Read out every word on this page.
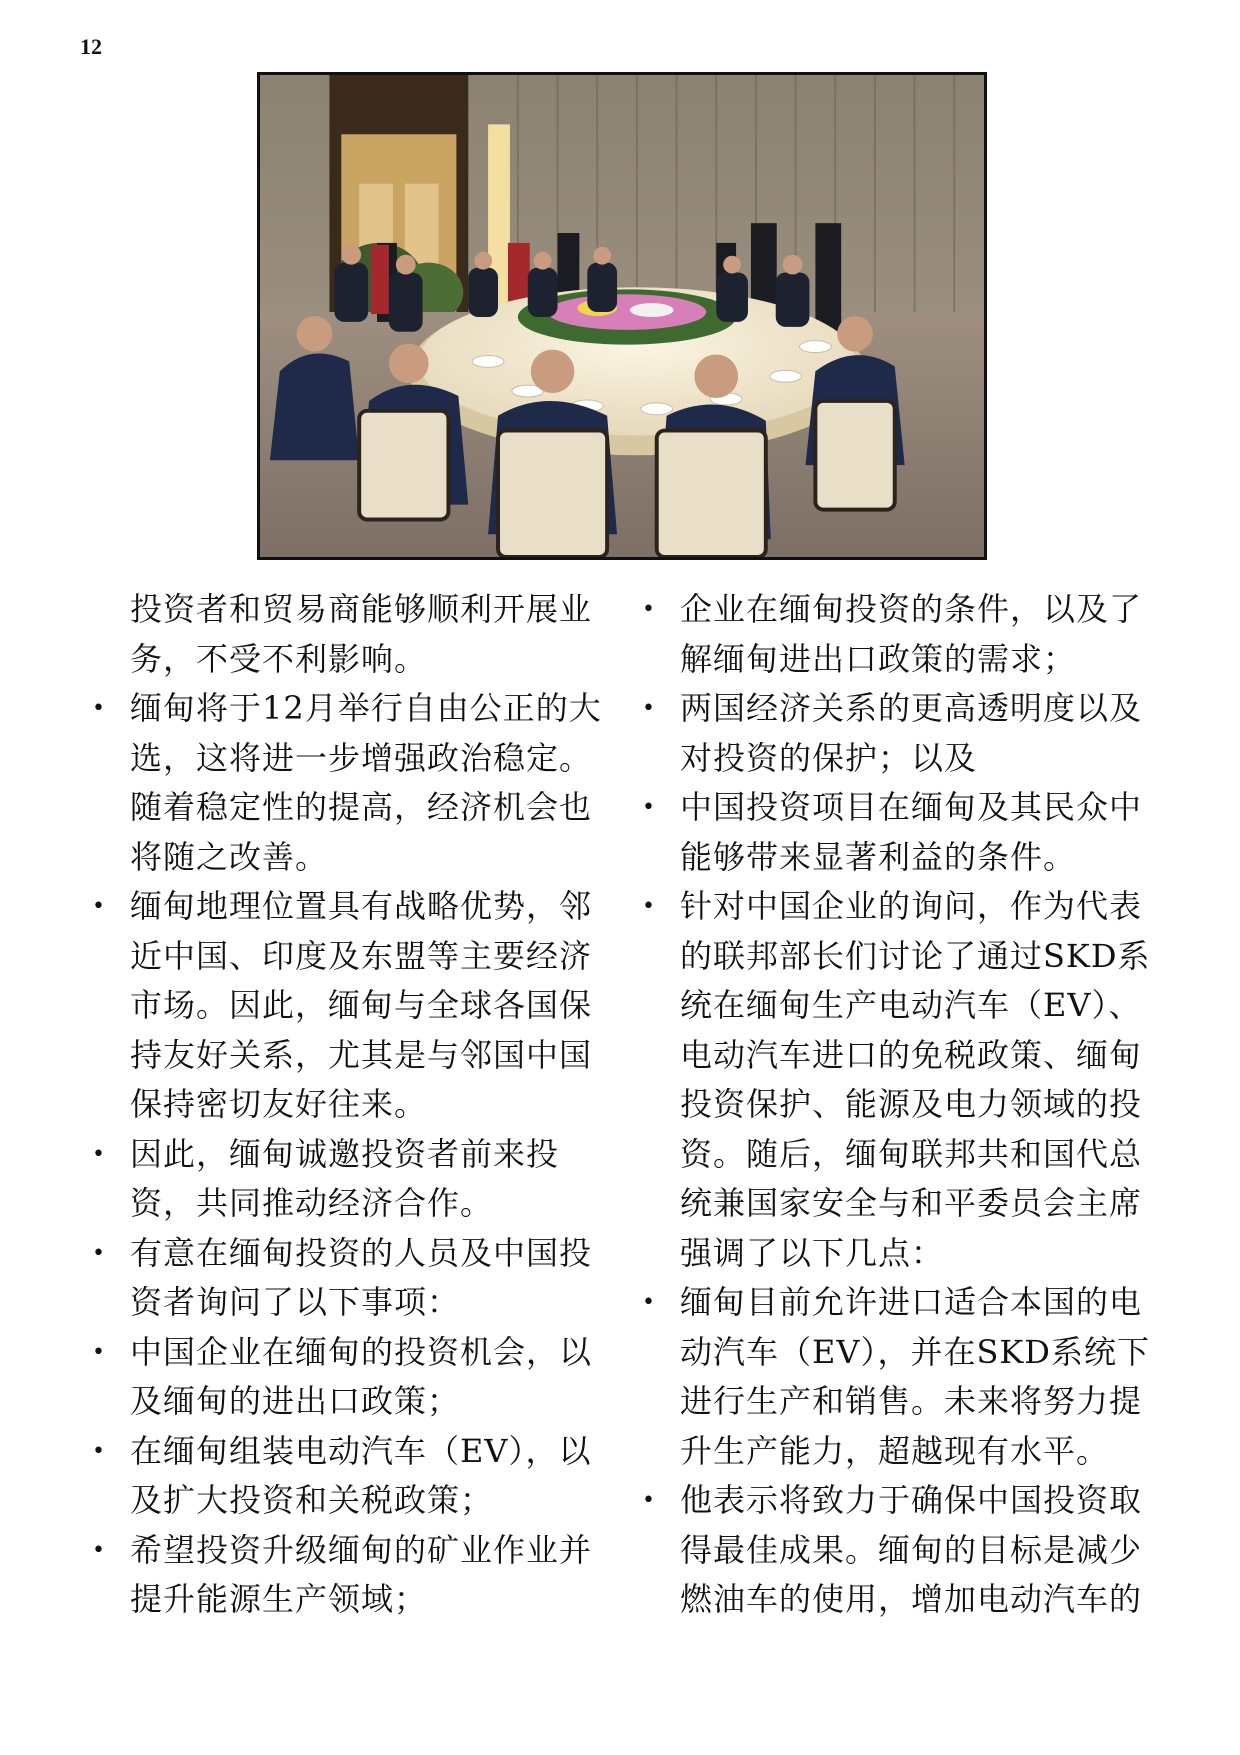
12

投资者和贸易商能够顺利开展业务，不受不利影响。

• 缅甸将于12月举行自由公正的大选，这将进一步增强政治稳定。随着稳定性的提高，经济机会也将随之改善。

• 缅甸地理位置具有战略优势，邻近中国、印度及东盟等主要经济市场。因此，缅甸与全球各国保持友好关系，尤其是与邻国中国保持密切友好往来。

• 因此，缅甸诚邀投资者前来投资，共同推动经济合作。

• 有意在缅甸投资的人员及中国投资者询问了以下事项：

• 中国企业在缅甸的投资机会，以及缅甸的进出口政策；

• 在缅甸组装电动汽车（EV），以及扩大投资和关税政策；

• 希望投资升级缅甸的矿业作业并提升能源生产领域；

• 企业在缅甸投资的条件，以及了解缅甸进出口政策的需求；

• 两国经济关系的更高透明度以及对投资的保护；以及

• 中国投资项目在缅甸及其民众中能够带来显著利益的条件。

• 针对中国企业的询问，作为代表的联邦部长们讨论了通过SKD系统在缅甸生产电动汽车（EV）、电动汽车进口的免税政策、缅甸投资保护、能源及电力领域的投资。随后，缅甸联邦共和国代总统兼国家安全与和平委员会主席强调了以下几点：

• 缅甸目前允许进口适合本国的电动汽车（EV），并在SKD系统下进行生产和销售。未来将努力提升生产能力，超越现有水平。

• 他表示将致力于确保中国投资取得最佳成果。缅甸的目标是减少燃油车的使用，增加电动汽车的
